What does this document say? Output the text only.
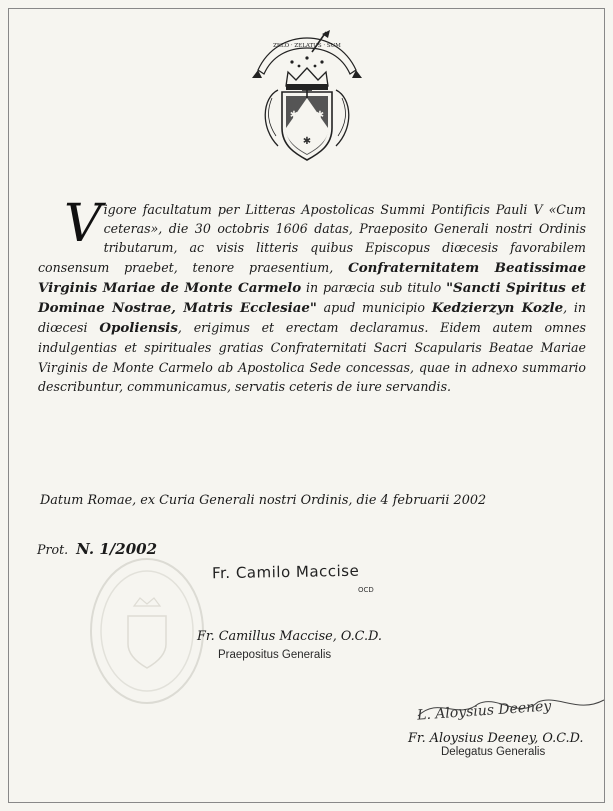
ZELO · ZELATUS · SUM
✱ ✱
✱
Vigore facultatum per Litteras Apostolicas Summi Pontificis Pauli V «Cum ceteras», die 30 octobris 1606 datas, Praeposito Generali nostri Ordinis tributarum, ac visis litteris quibus Episcopus diœcesis favorabilem consensum praebet, tenore praesentium, Confraternitatem Beatissimae Virginis Mariae de Monte Carmelo in paræcia sub titulo "Sancti Spiritus et Dominae Nostrae, Matris Ecclesiae" apud municipio Kedzierzyn Kozle, in diœcesi Opoliensis, erigimus et erectam declaramus. Eidem autem omnes indulgentias et spirituales gratias Confraternitati Sacri Scapularis Beatae Mariae Virginis de Monte Carmelo ab Apostolica Sede concessas, quae in adnexo summario describuntur, communicamus, servatis ceteris de iure servandis.
Datum Romae, ex Curia Generali nostri Ordinis, die 4 februarii 2002
Prot. N. 1/2002
Fr. Camilo Maccise
OCD
Fr. Camillus Maccise, O.C.D.
Praepositus Generalis
L. Aloysius Deeney
Fr. Aloysius Deeney, O.C.D.
Delegatus Generalis
